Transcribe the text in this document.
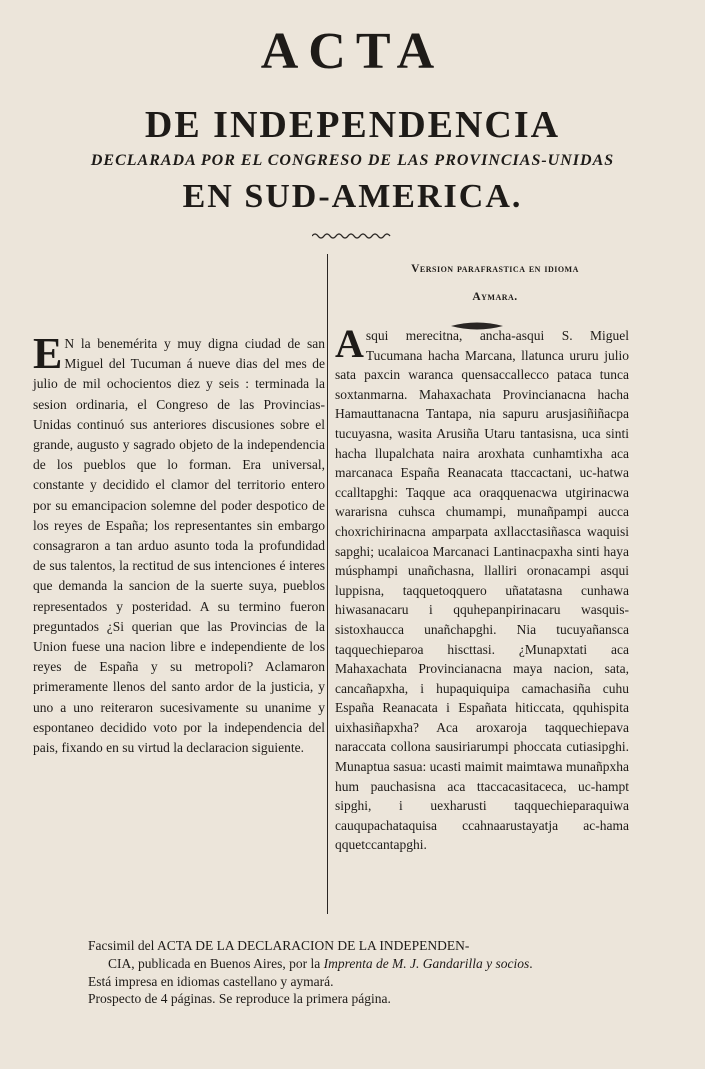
ACTA
DE INDEPENDENCIA
DECLARADA POR EL CONGRESO DE LAS PROVINCIAS-UNIDAS
EN SUD-AMERICA.
E N la benemérita y muy digna ciudad de san Miguel del Tucuman á nueve dias del mes de julio de mil ochocientos diez y seis : terminada la sesion ordinaria, el Congreso de las Provincias-Unidas continuó sus anteriores discusiones sobre el grande, augusto y sagrado objeto de la independencia de los pueblos que lo forman. Era universal, constante y decidido el clamor del territorio entero por su emancipacion solemne del poder despotico de los reyes de España; los representantes sin embargo consagraron a tan arduo asunto toda la profundidad de sus talentos, la rectitud de sus intenciones é interes que demanda la sancion de la suerte suya, pueblos representados y posteridad. A su termino fueron preguntados ¿Si querian que las Provincias de la Union fuese una nacion libre e independiente de los reyes de España y su metropoli? Aclamaron primeramente llenos del santo ardor de la justicia, y uno a uno reiteraron sucesivamente su unanime y espontaneo decidido voto por la independencia del pais, fixando en su virtud la declaracion siguiente.
Version parafrastica en idioma
Aymara.
Asqui merecitna, ancha-asqui S. Miguel Tucumana hacha Marcana, llatunca ururu julio sata paxcin waranca quensaccallecco pataca tunca soxtanmarna. Mahaxachata Provincianacna hacha Hamauttanacna Tantapa, nia sapuru arusjasiñiñacpa tucuyasna, wasita Arusiña Utaru tantasisna, uca sinti hacha llupalchata naira aroxhata cunhamtixha aca marcanaca España Reanacata ttaccactani, uc-hatwa ccalltapghi: Taqque aca oraqquenacwa utgirinacwa wararisna cuhsca chumampi, munañpampi aucca choxrichirinacna amparpata axllacctasiñasca waquisi sapghi; ucalaicoa Marcanaci Lantinacpaxha sinti haya músphampi unañchasna, llalliri oronacampi asqui luppisna, taqquetoqquero uñatatasna cunhawa hiwasanacaru i qquhepanpirinacaru wasquis-sistoxhaucca unañchapghi. Nia tucuyañansca taqquechieparoa hiscttasi. ¿Munapxtati aca Mahaxachata Provincianacna maya nacion, sata, cancañapxha, i hupaquiquipa camachasiña cuhu España Reanacata i Españata hiticcata, qquhispita uixhasiñapxha? Aca aroxaroja taqquechiepava naraccata collona sausiriarumpi phoccata cutiasipghi. Munaptua sasua: ucasti maimit maimtawa munañpxha hum pauchasisna aca ttaccacasitaceca, uc-hampt sipghi, i uexharusti taqquechieparaquiwa cauqupachataquisa ccahnaarustayatja ac-hama qquetccantapghi.
Facsimil del ACTA DE LA DECLARACION DE LA INDEPENDEN-
CIA, publicada en Buenos Aires, por la Imprenta de M. J. Gandarilla y socios.
Está impresa en idiomas castellano y aymará.
Prospecto de 4 páginas. Se reproduce la primera página.
